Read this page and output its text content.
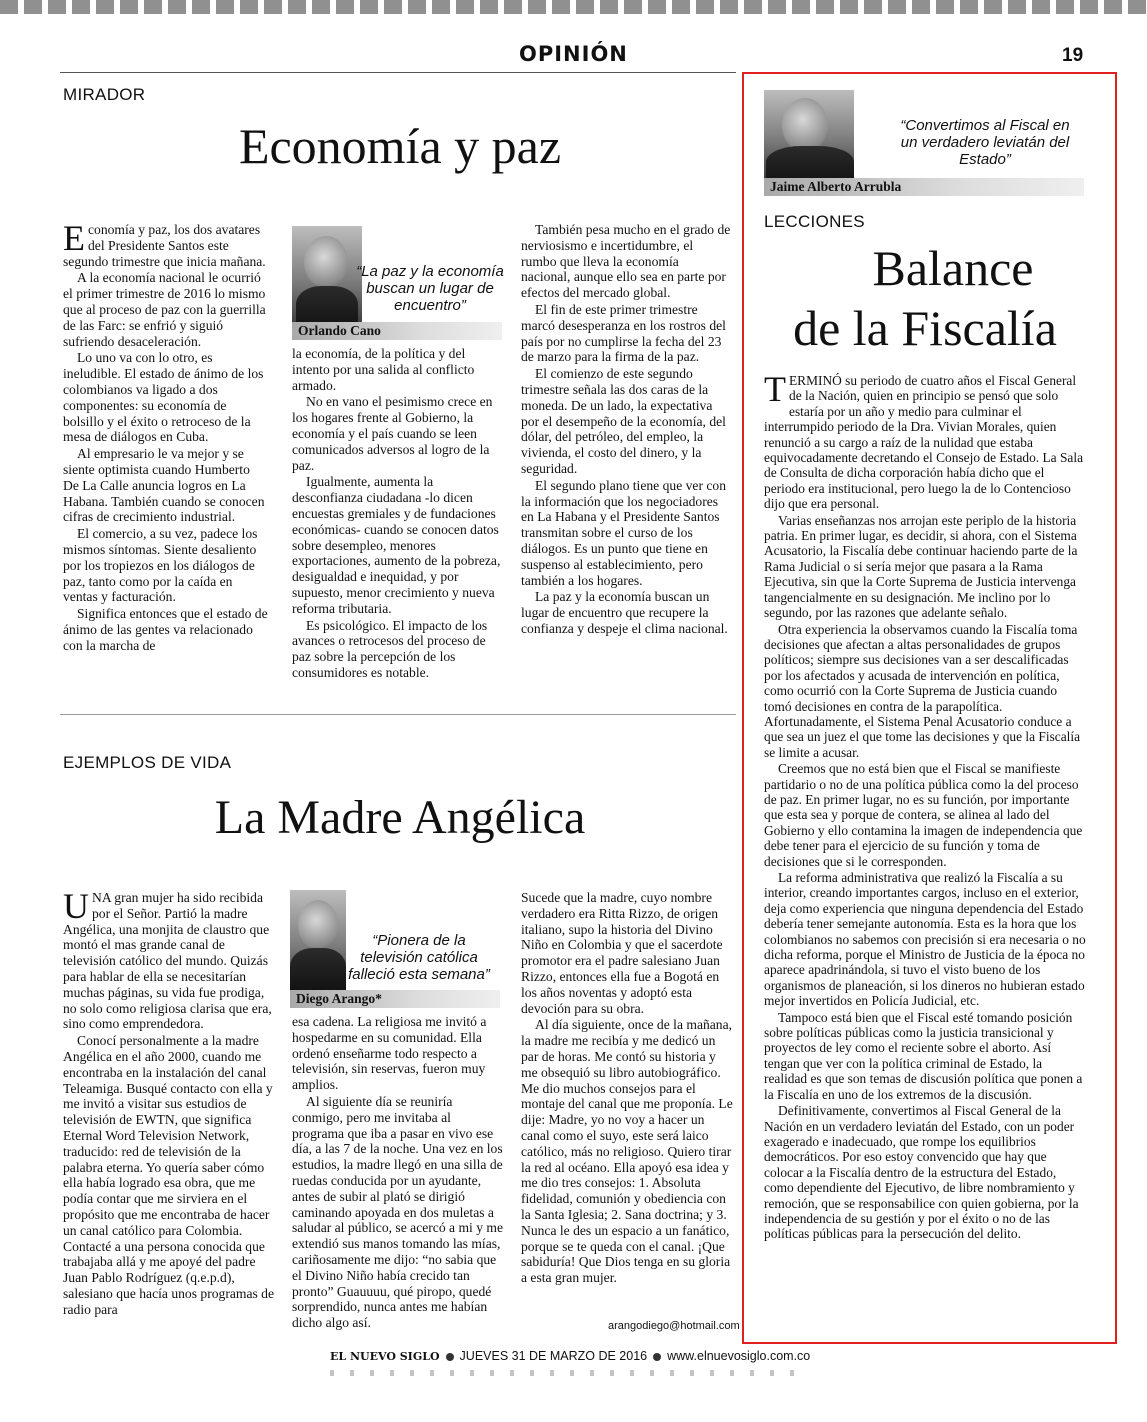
OPINIÓN	19
MIRADOR
Economía y paz

Economía y paz, los dos avatares del Presidente Santos este segundo trimestre que inicia mañana.

A la economía nacional le ocurrió el primer trimestre de 2016 lo mismo que al proceso de paz con la guerrilla de las Farc: se enfrió y siguió sufriendo desaceleración.

Lo uno va con lo otro, es ineludible. El estado de ánimo de los colombianos va ligado a dos componentes: su economía de bolsillo y el éxito o retroceso de la mesa de diálogos en Cuba.

Al empresario le va mejor y se siente optimista cuando Humberto De La Calle anuncia logros en La Habana. También cuando se conocen cifras de crecimiento industrial.

El comercio, a su vez, padece los mismos síntomas. Siente desaliento por los tropiezos en los diálogos de paz, tanto como por la caída en ventas y facturación.

Significa entonces que el estado de ánimo de las gentes va relacionado con la marcha de

“La paz y la economía buscan un lugar de encuentro”
Orlando Cano

la economía, de la política y del intento por una salida al conflicto armado.

No en vano el pesimismo crece en los hogares frente al Gobierno, la economía y el país cuando se leen comunicados adversos al logro de la paz.

Igualmente, aumenta la desconfianza ciudadana -lo dicen encuestas gremiales y de fundaciones económicas- cuando se conocen datos sobre desempleo, menores exportaciones, aumento de la pobreza, desigualdad e inequidad, y por supuesto, menor crecimiento y nueva reforma tributaria.

Es psicológico. El impacto de los avances o retrocesos del proceso de paz sobre la percepción de los consumidores es notable.

También pesa mucho en el grado de nerviosismo e incertidumbre, el rumbo que lleva la economía nacional, aunque ello sea en parte por efectos del mercado global.

El fin de este primer trimestre marcó desesperanza en los rostros del país por no cumplirse la fecha del 23 de marzo para la firma de la paz.

El comienzo de este segundo trimestre señala las dos caras de la moneda. De un lado, la expectativa por el desempeño de la economía, del dólar, del petróleo, del empleo, la vivienda, el costo del dinero, y la seguridad.

El segundo plano tiene que ver con la información que los negociadores en La Habana y el Presidente Santos transmitan sobre el curso de los diálogos. Es un punto que tiene en suspenso al establecimiento, pero también a los hogares.

La paz y la economía buscan un lugar de encuentro que recupere la confianza y despeje el clima nacional.

EJEMPLOS DE VIDA
La Madre Angélica

UNA gran mujer ha sido recibida por el Señor. Partió la madre Angélica, una monjita de claustro que montó el mas grande canal de televisión católico del mundo. Quizás para hablar de ella se necesitarían muchas páginas, su vida fue prodiga, no solo como religiosa clarisa que era, sino como emprendedora.

Conocí personalmente a la madre Angélica en el año 2000, cuando me encontraba en la instalación del canal Teleamiga. Busqué contacto con ella y me invitó a visitar sus estudios de televisión de EWTN, que significa Eternal Word Television Network, traducido: red de televisión de la palabra eterna. Yo quería saber cómo ella había logrado esa obra, que me podía contar que me sirviera en el propósito que me encontraba de hacer un canal católico para Colombia. Contacté a una persona conocida que trabajaba allá y me apoyé del padre Juan Pablo Rodríguez (q.e.p.d), salesiano que hacía unos programas de radio para

“Pionera de la televisión católica falleció esta semana”
Diego Arango*

esa cadena. La religiosa me invitó a hospedarme en su comunidad. Ella ordenó enseñarme todo respecto a televisión, sin reservas, fueron muy amplios.

Al siguiente día se reuniría conmigo, pero me invitaba al programa que iba a pasar en vivo ese día, a las 7 de la noche. Una vez en los estudios, la madre llegó en una silla de ruedas conducida por un ayudante, antes de subir al plató se dirigió caminando apoyada en dos muletas a saludar al público, se acercó a mi y me extendió sus manos tomando las mías, cariñosamente me dijo: “no sabia que el Divino Niño había crecido tan pronto” Guauuuu, qué piropo, quedé sorprendido, nunca antes me habían dicho algo así.

Sucede que la madre, cuyo nombre verdadero era Ritta Rizzo, de origen italiano, supo la historia del Divino Niño en Colombia y que el sacerdote promotor era el padre salesiano Juan Rizzo, entonces ella fue a Bogotá en los años noventas y adoptó esta devoción para su obra.

Al día siguiente, once de la mañana, la madre me recibía y me dedicó un par de horas. Me contó su historia y me obsequió su libro autobiográfico. Me dio muchos consejos para el montaje del canal que me proponía. Le dije: Madre, yo no voy a hacer un canal como el suyo, este será laico católico, más no religioso. Quiero tirar la red al océano. Ella apoyó esa idea y me dio tres consejos: 1. Absoluta fidelidad, comunión y obediencia con la Santa Iglesia; 2. Sana doctrina; y 3. Nunca le des un espacio a un fanático, porque se te queda con el canal. ¡Que sabiduría! Que Dios tenga en su gloria a esta gran mujer.

arangodiego@hotmail.com
“Convertimos al Fiscal en un verdadero leviatán del Estado”
Jaime Alberto Arrubla
LECCIONES
Balance
de la Fiscalía

TERMINÓ su periodo de cuatro años el Fiscal General de la Nación, quien en principio se pensó que solo estaría por un año y medio para culminar el interrumpido periodo de la Dra. Vivian Morales, quien renunció a su cargo a raíz de la nulidad que estaba equivocadamente decretando el Consejo de Estado. La Sala de Consulta de dicha corporación había dicho que el periodo era institucional, pero luego la de lo Contencioso dijo que era personal.

Varias enseñanzas nos arrojan este periplo de la historia patria. En primer lugar, es decidir, si ahora, con el Sistema Acusatorio, la Fiscalía debe continuar haciendo parte de la Rama Judicial o si sería mejor que pasara a la Rama Ejecutiva, sin que la Corte Suprema de Justicia intervenga tangencialmente en su designación. Me inclino por lo segundo, por las razones que adelante señalo.

Otra experiencia la observamos cuando la Fiscalía toma decisiones que afectan a altas personalidades de grupos políticos; siempre sus decisiones van a ser descalificadas por los afectados y acusada de intervención en política, como ocurrió con la Corte Suprema de Justicia cuando tomó decisiones en contra de la parapolítica. Afortunadamente, el Sistema Penal Acusatorio conduce a que sea un juez el que tome las decisiones y que la Fiscalía se limite a acusar.

Creemos que no está bien que el Fiscal se manifieste partidario o no de una política pública como la del proceso de paz. En primer lugar, no es su función, por importante que esta sea y porque de contera, se alinea al lado del Gobierno y ello contamina la imagen de independencia que debe tener para el ejercicio de su función y toma de decisiones que si le corresponden.

La reforma administrativa que realizó la Fiscalía a su interior, creando importantes cargos, incluso en el exterior, deja como experiencia que ninguna dependencia del Estado debería tener semejante autonomía. Esta es la hora que los colombianos no sabemos con precisión si era necesaria o no dicha reforma, porque el Ministro de Justicia de la época no aparece apadrinándola, si tuvo el visto bueno de los organismos de planeación, si los dineros no hubieran estado mejor invertidos en Policía Judicial, etc.

Tampoco está bien que el Fiscal esté tomando posición sobre políticas públicas como la justicia transicional y proyectos de ley como el reciente sobre el aborto. Así tengan que ver con la política criminal de Estado, la realidad es que son temas de discusión política que ponen a la Fiscalía en uno de los extremos de la discusión.

Definitivamente, convertimos al Fiscal General de la Nación en un verdadero leviatán del Estado, con un poder exagerado e inadecuado, que rompe los equilibrios democráticos. Por eso estoy convencido que hay que colocar a la Fiscalía dentro de la estructura del Estado, como dependiente del Ejecutivo, de libre nombramiento y remoción, que se responsabilice con quien gobierna, por la independencia de su gestión y por el éxito o no de las políticas públicas para la persecución del delito.

EL NUEVO SIGLO JUEVES 31 DE MARZO DE 2016 www.elnuevosiglo.com.co
